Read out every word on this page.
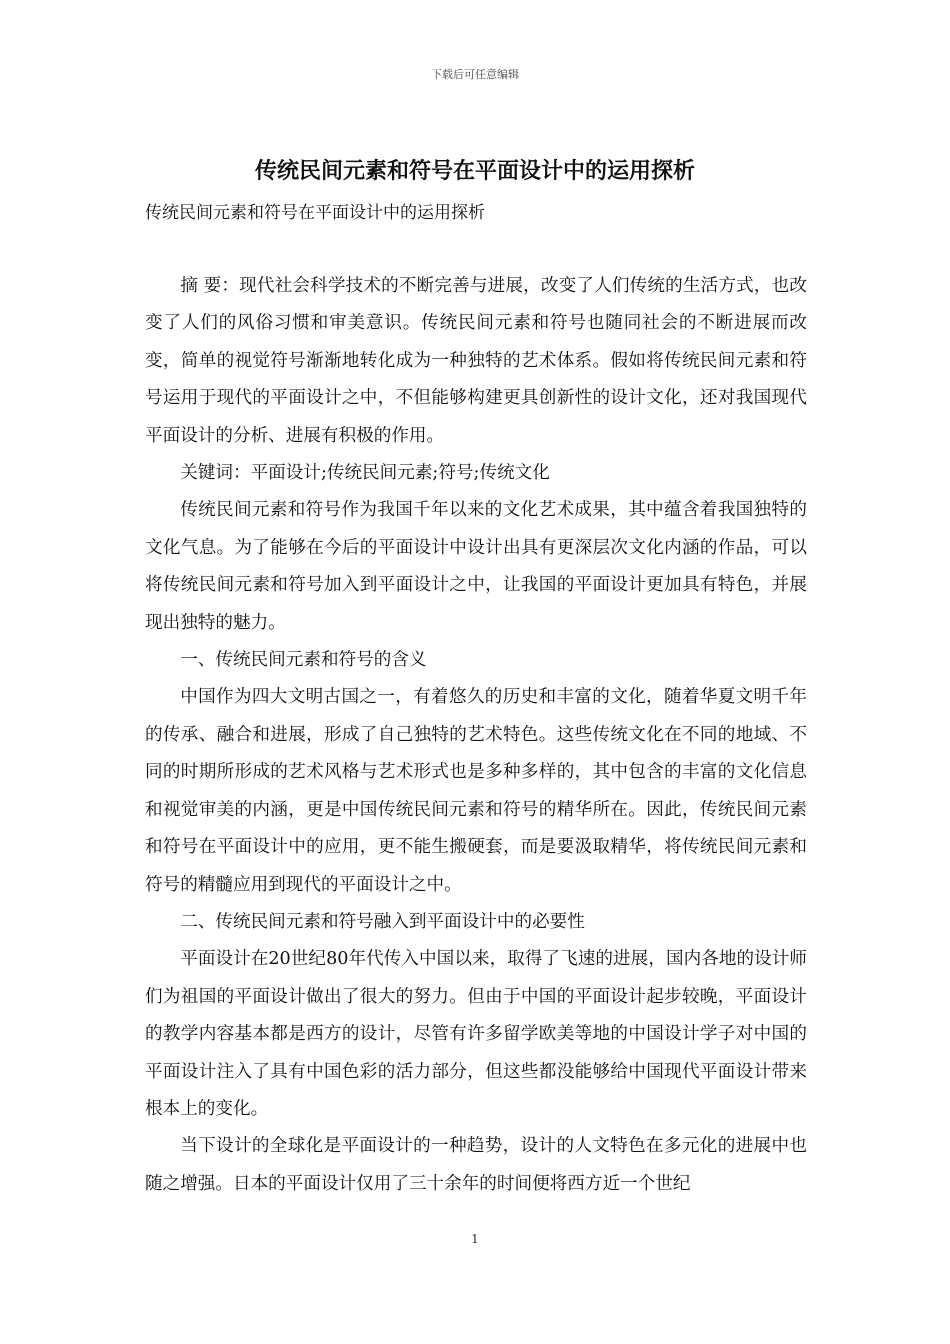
下载后可任意编辑
传统民间元素和符号在平面设计中的运用探析

传统民间元素和符号在平面设计中的运用探析

摘 要：现代社会科学技术的不断完善与进展，改变了人们传统的生活方式，也改变了人们的风俗习惯和审美意识。传统民间元素和符号也随同社会的不断进展而改变，简单的视觉符号渐渐地转化成为一种独特的艺术体系。假如将传统民间元素和符号运用于现代的平面设计之中，不但能够构建更具创新性的设计文化，还对我国现代平面设计的分析、进展有积极的作用。

关键词：平面设计;传统民间元素;符号;传统文化

传统民间元素和符号作为我国千年以来的文化艺术成果，其中蕴含着我国独特的文化气息。为了能够在今后的平面设计中设计出具有更深层次文化内涵的作品，可以将传统民间元素和符号加入到平面设计之中，让我国的平面设计更加具有特色，并展现出独特的魅力。

一、传统民间元素和符号的含义

中国作为四大文明古国之一，有着悠久的历史和丰富的文化，随着华夏文明千年的传承、融合和进展，形成了自己独特的艺术特色。这些传统文化在不同的地域、不同的时期所形成的艺术风格与艺术形式也是多种多样的，其中包含的丰富的文化信息和视觉审美的内涵，更是中国传统民间元素和符号的精华所在。因此，传统民间元素和符号在平面设计中的应用，更不能生搬硬套，而是要汲取精华，将传统民间元素和符号的精髓应用到现代的平面设计之中。

二、传统民间元素和符号融入到平面设计中的必要性

平面设计在20世纪80年代传入中国以来，取得了飞速的进展，国内各地的设计师们为祖国的平面设计做出了很大的努力。但由于中国的平面设计起步较晚，平面设计的教学内容基本都是西方的设计，尽管有许多留学欧美等地的中国设计学子对中国的平面设计注入了具有中国色彩的活力部分，但这些都没能够给中国现代平面设计带来根本上的变化。

当下设计的全球化是平面设计的一种趋势，设计的人文特色在多元化的进展中也随之增强。日本的平面设计仅用了三十余年的时间便将西方近一个世纪

1
